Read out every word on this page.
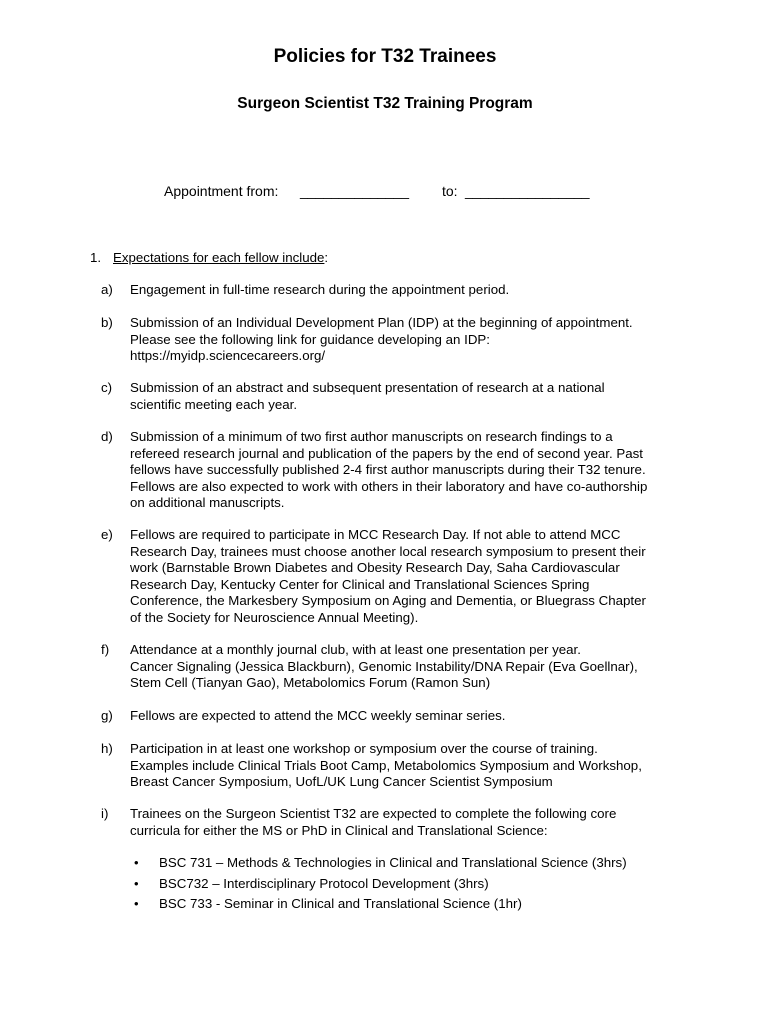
Policies for T32 Trainees
Surgeon Scientist T32 Training Program
Appointment from: ______________ to: ________________
1. Expectations for each fellow include:
a)	Engagement in full-time research during the appointment period.
b)	Submission of an Individual Development Plan (IDP) at the beginning of appointment.
Please see the following link for guidance developing an IDP:
https://myidp.sciencecareers.org/
c)	Submission of an abstract and subsequent presentation of research at a national
scientific meeting each year.
d)	Submission of a minimum of two first author manuscripts on research findings to a
refereed research journal and publication of the papers by the end of second year. Past
fellows have successfully published 2-4 first author manuscripts during their T32 tenure.
Fellows are also expected to work with others in their laboratory and have co-authorship
on additional manuscripts.
e)	Fellows are required to participate in MCC Research Day. If not able to attend MCC
Research Day, trainees must choose another local research symposium to present their
work (Barnstable Brown Diabetes and Obesity Research Day, Saha Cardiovascular
Research Day, Kentucky Center for Clinical and Translational Sciences Spring
Conference, the Markesbery Symposium on Aging and Dementia, or Bluegrass Chapter
of the Society for Neuroscience Annual Meeting).
f)	Attendance at a monthly journal club, with at least one presentation per year.
Cancer Signaling (Jessica Blackburn), Genomic Instability/DNA Repair (Eva Goellnar),
Stem Cell (Tianyan Gao), Metabolomics Forum (Ramon Sun)
g)	Fellows are expected to attend the MCC weekly seminar series.
h)	Participation in at least one workshop or symposium over the course of training.
Examples include Clinical Trials Boot Camp, Metabolomics Symposium and Workshop,
Breast Cancer Symposium, UofL/UK Lung Cancer Scientist Symposium
i)	Trainees on the Surgeon Scientist T32 are expected to complete the following core
curricula for either the MS or PhD in Clinical and Translational Science:
• BSC 731 – Methods & Technologies in Clinical and Translational Science (3hrs)
• BSC732 – Interdisciplinary Protocol Development (3hrs)
• BSC 733 - Seminar in Clinical and Translational Science (1hr)
